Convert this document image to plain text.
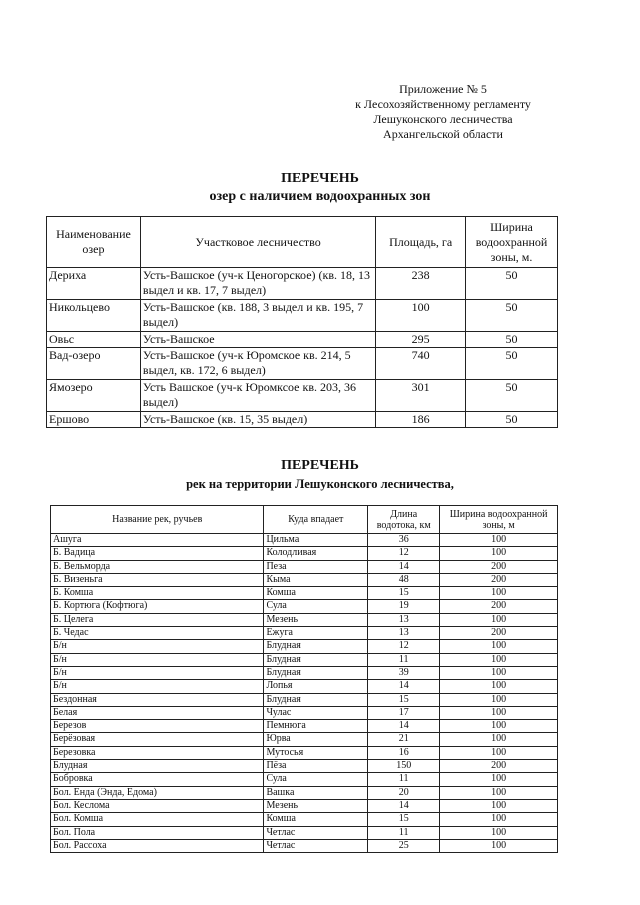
Приложение № 5
к Лесохозяйственному регламенту
Лешуконского лесничества
Архангельской области
ПЕРЕЧЕНЬ
озер с наличием водоохранных зон
Наименование озер	Участковое лесничество	Площадь, га	Ширина водоохранной зоны, м.
Дериха	Усть-Вашское (уч-к Ценогорское) (кв. 18, 13 выдел и кв. 17, 7 выдел)	238	50
Никольцево	Усть-Вашское (кв. 188, 3 выдел и кв. 195, 7 выдел)	100	50
Овьс	Усть-Вашское	295	50
Вад-озеро	Усть-Вашское (уч-к Юромское кв. 214, 5 выдел, кв. 172, 6 выдел)	740	50
Ямозеро	Усть Вашское (уч-к Юромксое кв. 203, 36 выдел)	301	50
Ершово	Усть-Вашское (кв. 15, 35 выдел)	186	50
ПЕРЕЧЕНЬ
рек на территории Лешуконского лесничества,
Название рек, ручьев	Куда впадает	Длина водотока, км	Ширина водоохранной зоны, м
Ашуга	Цильма	36	100
Б. Вадица	Колодливая	12	100
Б. Вельморда	Пеза	14	200
Б. Визеньга	Кыма	48	200
Б. Комша	Комша	15	100
Б. Кортюга (Кофтюга)	Сула	19	200
Б. Целега	Мезень	13	100
Б. Чедас	Ежуга	13	200
Б/н	Блудная	12	100
Б/н	Блудная	11	100
Б/н	Блудная	39	100
Б/н	Лопья	14	100
Бездонная	Блудная	15	100
Белая	Чулас	17	100
Березов	Пемнюга	14	100
Берёзовая	Юрва	21	100
Березовка	Мутосья	16	100
Блудная	Пёза	150	200
Бобровка	Сула	11	100
Бол. Енда (Энда, Едома)	Вашка	20	100
Бол. Кеслома	Мезень	14	100
Бол. Комша	Комша	15	100
Бол. Пола	Четлас	11	100
Бол. Рассоха	Четлас	25	100
